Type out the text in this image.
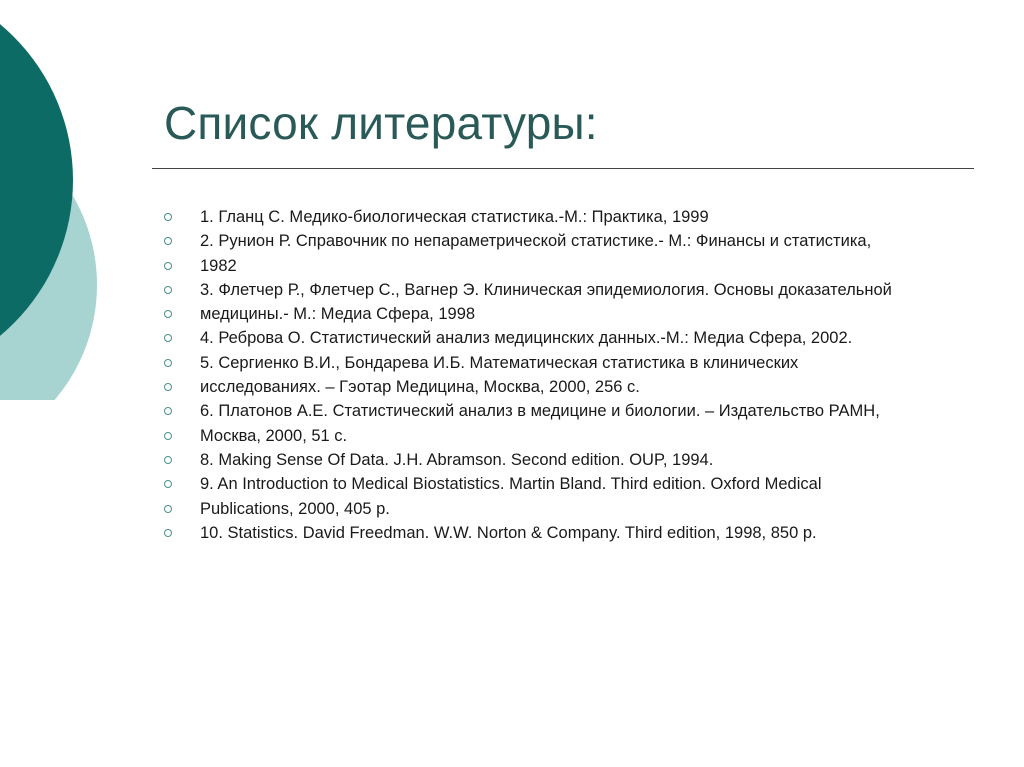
Список литературы:
1. Гланц С. Медико-биологическая статистика.-М.: Практика, 1999
2. Рунион Р. Справочник по непараметрической статистике.- М.: Финансы и статистика,
1982
3. Флетчер Р., Флетчер С., Вагнер Э. Клиническая эпидемиология. Основы доказательной
медицины.- М.: Медиа Сфера, 1998
4. Реброва О. Статистический анализ медицинских данных.-М.: Медиа Сфера, 2002.
5. Сергиенко В.И., Бондарева И.Б. Математическая статистика в клинических
исследованиях. – Гэотар Медицина, Москва, 2000, 256 с.
6. Платонов А.Е. Статистический анализ в медицине и биологии. – Издательство РАМН,
Москва, 2000, 51 с.
8. Making Sense Of Data. J.H. Abramson. Second edition. OUP, 1994.
9. An Introduction to Medical Biostatistics. Martin Bland. Third edition. Oxford Medical
Publications, 2000, 405 p.
10. Statistics. David Freedman. W.W. Norton & Company. Third edition, 1998, 850 p.
